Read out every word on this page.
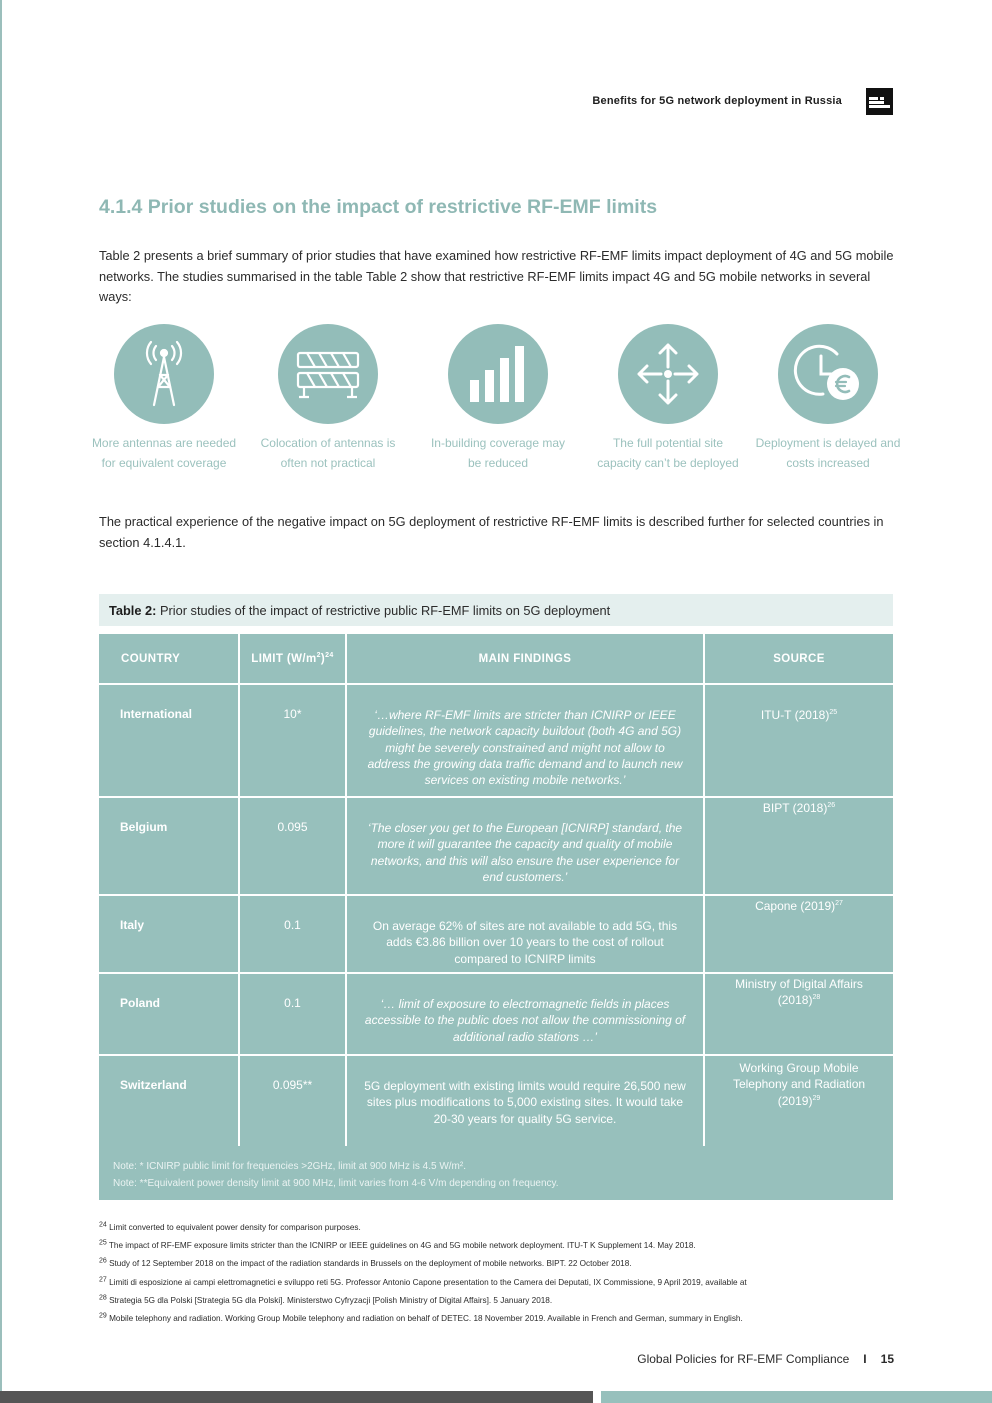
Benefits for 5G network deployment in Russia
4.1.4 Prior studies on the impact of restrictive RF-EMF limits

Table 2 presents a brief summary of prior studies that have examined how restrictive RF-EMF limits impact deployment of 4G and 5G mobile networks. The studies summarised in the table Table 2 show that restrictive RF-EMF limits impact 4G and 5G mobile networks in several ways:

More antennas are needed for equivalent coverage
Colocation of antennas is often not practical
In-building coverage may be reduced
The full potential site capacity can’t be deployed
Deployment is delayed and costs increased

The practical experience of the negative impact on 5G deployment of restrictive RF-EMF limits is described further for selected countries in section 4.1.4.1.

Table 2: Prior studies of the impact of restrictive public RF-EMF limits on 5G deployment
COUNTRY	LIMIT $(W/m^2)^{24}$	MAIN FINDINGS	SOURCE
International	10*	‘…where RF-EMF limits are stricter than ICNIRP or IEEE guidelines, the network capacity buildout (both 4G and 5G) might be severely constrained and might not allow to address the growing data traffic demand and to launch new services on existing mobile networks.’	ITU-T $(2018)^{25}$
Belgium	0.095	‘The closer you get to the European [ICNIRP] standard, the more it will guarantee the capacity and quality of mobile networks, and this will also ensure the user experience for end customers.’	BIPT $(2018)^{26}$
Italy	0.1	On average 62% of sites are not available to add 5G, this adds €3.86 billion over 10 years to the cost of rollout compared to ICNIRP limits	Capone $(2019)^{27}$
Poland	0.1	‘… limit of exposure to electromagnetic fields in places accessible to the public does not allow the commissioning of additional radio stations …’	Ministry of Digital Affairs $(2018)^{28}$
Switzerland	0.095**	5G deployment with existing limits would require 26,500 new sites plus modifications to 5,000 existing sites. It would take 20-30 years for quality 5G service.	Working Group Mobile Telephony and Radiation $(2019)^{29}$
Note: * ICNIRP public limit for frequencies >2GHz, limit at 900 MHz is 4.5 W/m².
Note: **Equivalent power density limit at 900 MHz, limit varies from 4-6 V/m depending on frequency.
$^{24}$ Limit converted to equivalent power density for comparison purposes.
$^{25}$ The impact of RF-EMF exposure limits stricter than the ICNIRP or IEEE guidelines on 4G and 5G mobile network deployment. ITU-T K Supplement 14. May 2018.
$^{26}$ Study of 12 September 2018 on the impact of the radiation standards in Brussels on the deployment of mobile networks. BIPT. 22 October 2018.
$^{27}$ Limiti di esposizione ai campi elettromagnetici e sviluppo reti 5G. Professor Antonio Capone presentation to the Camera dei Deputati, IX Commissione, 9 April 2019, available at
$^{28}$ Strategia 5G dla Polski [Strategia 5G dla Polski]. Ministerstwo Cyfryzacji [Polish Ministry of Digital Affairs]. 5 January 2018.
$^{29}$ Mobile telephony and radiation. Working Group Mobile telephony and radiation on behalf of DETEC. 18 November 2019. Available in French and German, summary in English.
Global Policies for RF-EMF Compliance I 15
